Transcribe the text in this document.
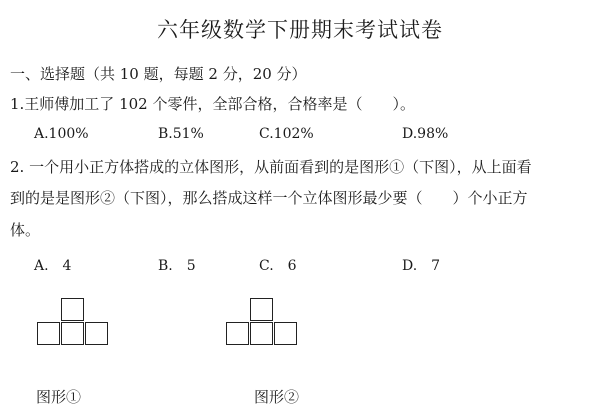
六年级数学下册期末考试试卷
一、选择题（共 10 题，每题 2 分，20 分）
1.王师傅加工了 102 个零件，全部合格，合格率是（　　）。
A.100%	B.51%	C.102%	D.98%
2. 一个用小正方体搭成的立体图形，从前面看到的是图形①（下图），从上面看
到的是是图形②（下图），那么搭成这样一个立体图形最少要（　　）个小正方
体。
A.　4	B.　5	C.　6	D.　7
图形①	图形②
